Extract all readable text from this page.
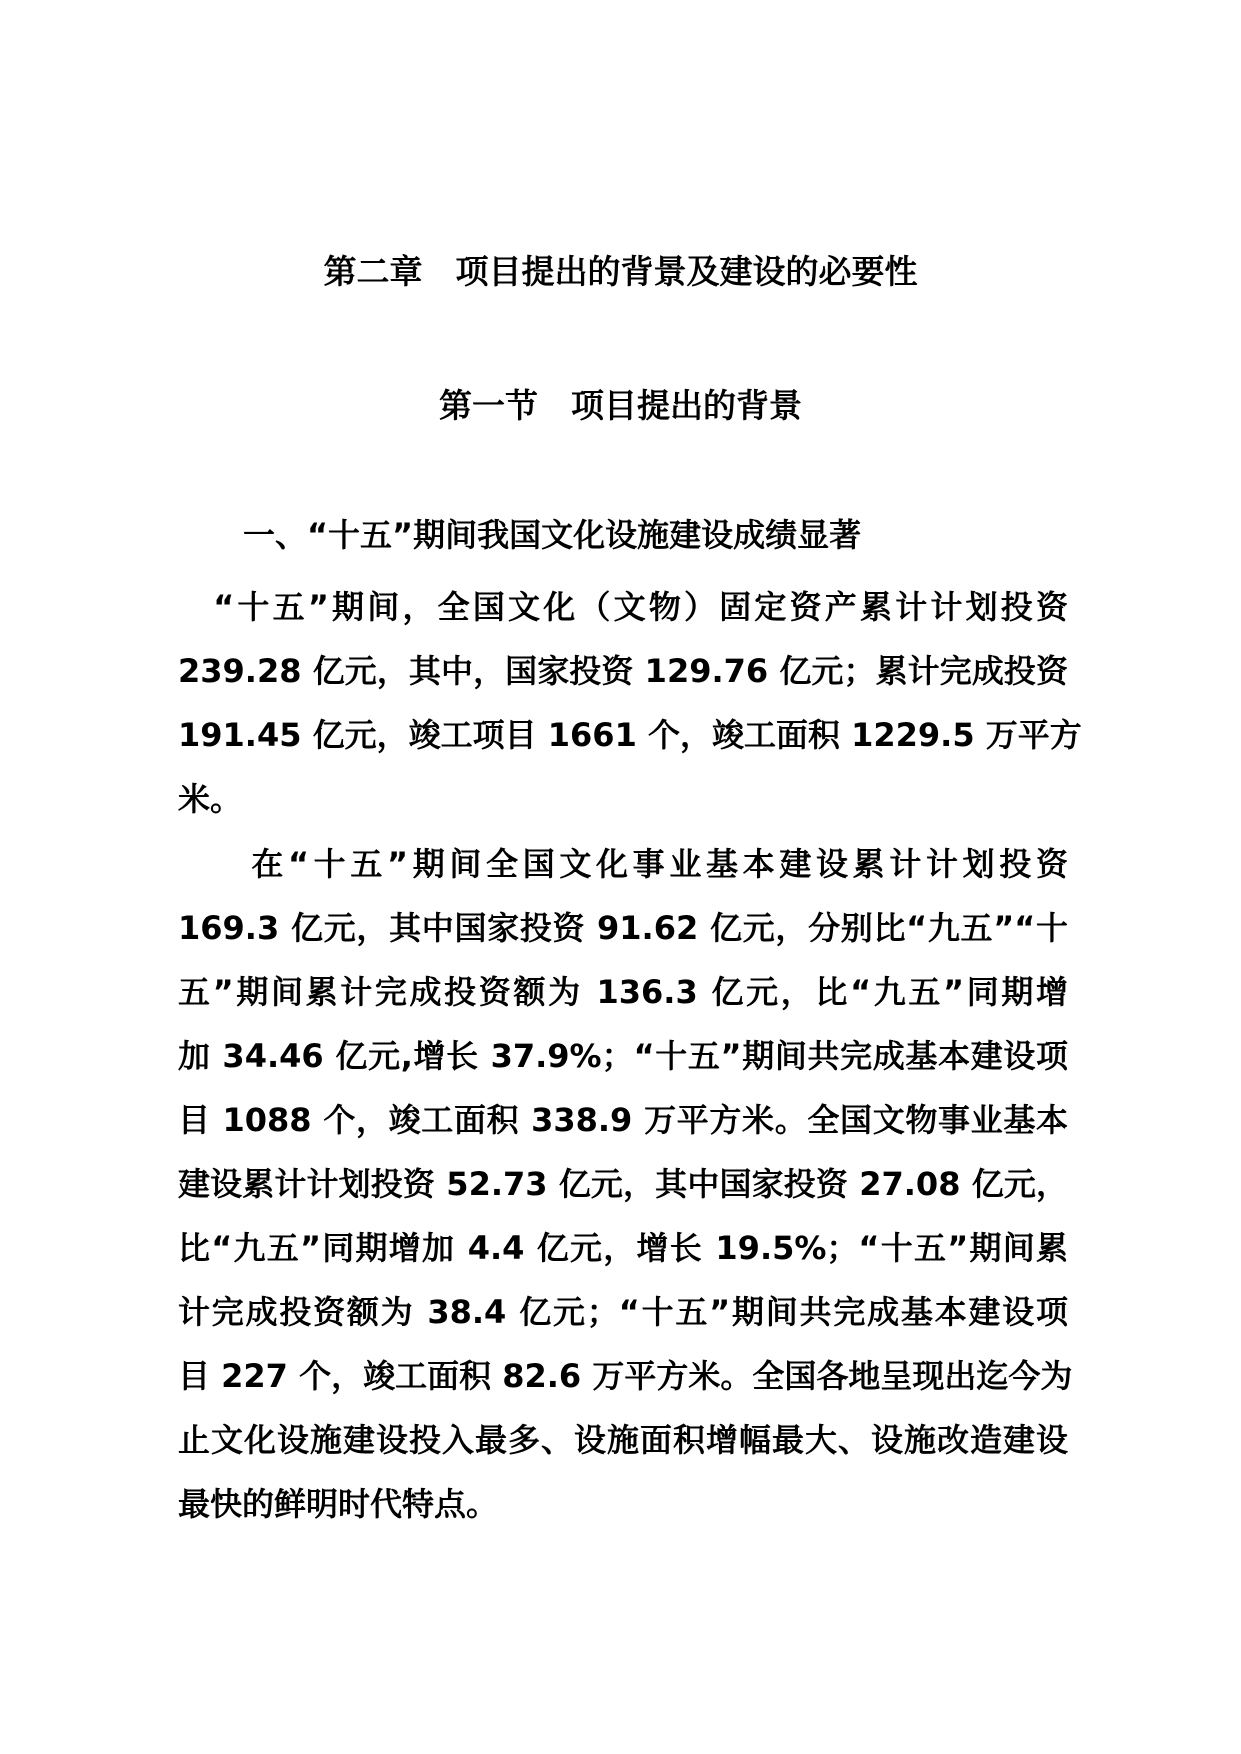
第二章　项目提出的背景及建设的必要性
第一节　项目提出的背景
一、“十五”期间我国文化设施建设成绩显著
　“十五”期间，全国文化（文物）固定资产累计计划投资
239.28 亿元，其中，国家投资 129.76 亿元；累计完成投资
191.45 亿元，竣工项目 1661 个，竣工面积 1229.5 万平方
米。
　　在“十五”期间全国文化事业基本建设累计计划投资
169.3 亿元，其中国家投资 91.62 亿元，分别比“九五”“十
五”期间累计完成投资额为 136.3 亿元，比“九五”同期增
加 34.46 亿元,增长 37.9%；“十五”期间共完成基本建设项
目 1088 个，竣工面积 338.9 万平方米。全国文物事业基本
建设累计计划投资 52.73 亿元，其中国家投资 27.08 亿元，
比“九五”同期增加 4.4 亿元，增长 19.5%；“十五”期间累
计完成投资额为 38.4 亿元；“十五”期间共完成基本建设项
目 227 个，竣工面积 82.6 万平方米。全国各地呈现出迄今为
止文化设施建设投入最多、设施面积增幅最大、设施改造建设
最快的鲜明时代特点。
